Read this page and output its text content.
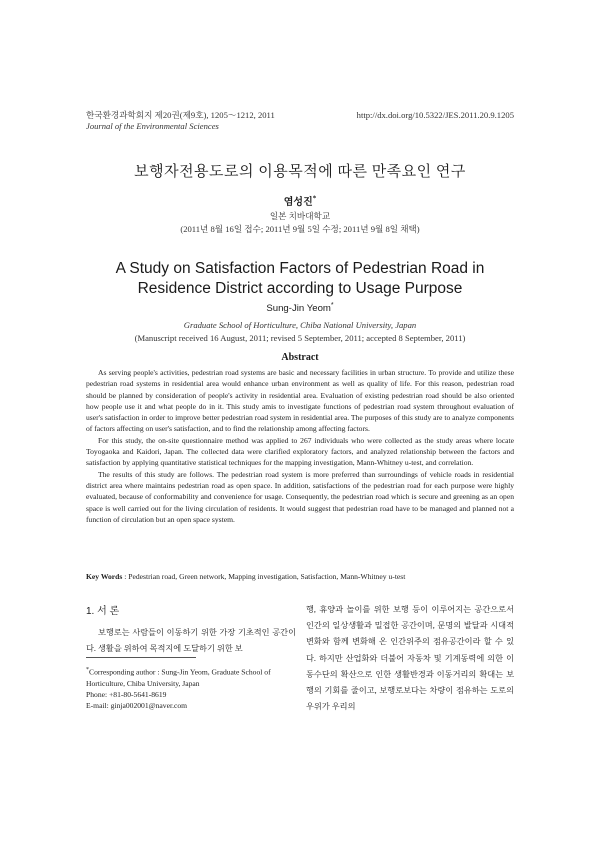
한국환경과학회지 제20권(제9호), 1205～1212, 2011
Journal of the Environmental Sciences
http://dx.doi.org/10.5322/JES.2011.20.9.1205
보행자전용도로의 이용목적에 따른 만족요인 연구
염성진*
일본 치바대학교
(2011년 8월 16일 접수; 2011년 9월 5일 수정; 2011년 9월 8일 채택)
A Study on Satisfaction Factors of Pedestrian Road in Residence District according to Usage Purpose
Sung-Jin Yeom*
Graduate School of Horticulture, Chiba National University, Japan
(Manuscript received 16 August, 2011; revised 5 September, 2011; accepted 8 September, 2011)
Abstract

As serving people's activities, pedestrian road systems are basic and necessary facilities in urban structure. To provide and utilize these pedestrian road systems in residential area would enhance urban environment as well as quality of life. For this reason, pedestrian road should be planned by consideration of people's activity in residential area. Evaluation of existing pedestrian road should be also oriented how people use it and what people do in it. This study amis to investigate functions of pedestrian road system throughout evaluation of user's satisfaction in order to improve better pedestrian road system in residential area. The purposes of this study are to analyze components of factors affecting on user's satisfaction, and to find the relationship among affecting factors.

For this study, the on-site questionnaire method was applied to 267 individuals who were collected as the study areas where locate Toyogaoka and Kaidori, Japan. The collected data were clarified exploratory factors, and analyzed relationship between the factors and satisfaction by applying quantitative statistical techniques for the mapping investigation, Mann-Whitney u-test, and correlation.

The results of this study are follows. The pedestrian road system is more preferred than surroundings of vehicle roads in residential district area where maintains pedestrian road as open space. In addition, satisfactions of the pedestrian road for each purpose were highly evaluated, because of conformability and convenience for usage. Consequently, the pedestrian road which is secure and greening as an open space is well carried out for the living circulation of residents. It would suggest that pedestrian road have to be managed and planned not a function of circulation but an open space system.

Key Words : Pedestrian road, Green network, Mapping investigation, Satisfaction, Mann-Whitney u-test
1. 서 론

보행로는 사람들이 이동하기 위한 가장 기초적인 공간이다. 생활을 위하여 목적지에 도달하기 위한 보

*Corresponding author : Sung-Jin Yeom, Graduate School of Horticulture, Chiba University, Japan
Phone: +81-80-5641-8619
E-mail: ginja002001@naver.com

행, 휴양과 놀이를 위한 보행 등이 이루어지는 공간으로서 인간의 일상생활과 밀접한 공간이며, 문명의 발달과 시대적 변화와 함께 변화해 온 인간위주의 점유공간이라 할 수 있다. 하지만 산업화와 더불어 자동차 및 기계동력에 의한 이동수단의 확산으로 인한 생활반경과 이동거리의 확대는 보행의 기회를 줄이고, 보행로보다는 차량이 점유하는 도로의 우위가 우리의
